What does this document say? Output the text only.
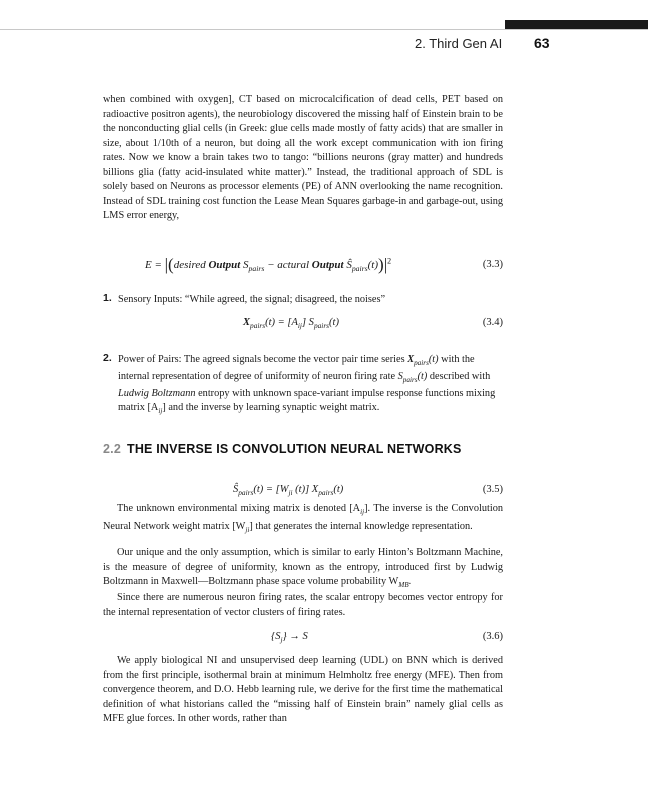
2. Third Gen AI 63

when combined with oxygen], CT based on microcalcification of dead cells, PET based on radioactive positron agents), the neurobiology discovered the missing half of Einstein brain to be the nonconducting glial cells (in Greek: glue cells made mostly of fatty acids) that are smaller in size, about 1/10th of a neuron, but doing all the work except communication with ion firing rates. Now we know a brain takes two to tango: “billions neurons (gray matter) and hundreds billions glia (fatty acid-insulated white matter).” Instead, the traditional approach of SDL is solely based on Neurons as processor elements (PE) of ANN overlooking the name recognition. Instead of SDL training cost function the Lease Mean Squares garbage-in and garbage-out, using LMS error energy,

E = |(desired Output $S_{pairs}$ − actural Output $Ŝ_{pairs}(t))|^2$	(3.3)
1. Sensory Inputs: “While agreed, the signal; disagreed, the noises”

$X_{pairs}(t) = [A_{ij}]$ $S_{pairs}(t)$	(3.4)
2. Power of Pairs: The agreed signals become the vector pair time series $X_{pairs}(t)$ with the internal representation of degree of uniformity of neuron firing rate $S_{pairs}(t)$ described with Ludwig Boltzmann entropy with unknown space-variant impulse response functions mixing matrix $[A_{ij}]$ and the inverse by learning synaptic weight matrix.

2.2 THE INVERSE IS CONVOLUTION NEURAL NETWORKS
$Ŝ_{pairs}(t) = [W_{ji}$ (t)] $X_{pairs}(t)$	(3.5)

The unknown environmental mixing matrix is denoted $[A_{ij}]$. The inverse is the Convolution Neural Network weight matrix $[W_{ji}]$ that generates the internal knowledge representation.

Our unique and the only assumption, which is similar to early Hinton’s Boltzmann Machine, is the measure of degree of uniformity, known as the entropy, introduced first by Ludwig Boltzmann in Maxwell—Boltzmann phase space volume probability $W_{MB}$.

Since there are numerous neuron firing rates, the scalar entropy becomes vector entropy for the internal representation of vector clusters of firing rates.

$\{S_j\} \to S$	(3.6)

We apply biological NI and unsupervised deep learning (UDL) on BNN which is derived from the first principle, isothermal brain at minimum Helmholtz free energy (MFE). Then from convergence theorem, and D.O. Hebb learning rule, we derive for the first time the mathematical definition of what historians called the “missing half of Einstein brain” namely glial cells as MFE glue forces. In other words, rather than
